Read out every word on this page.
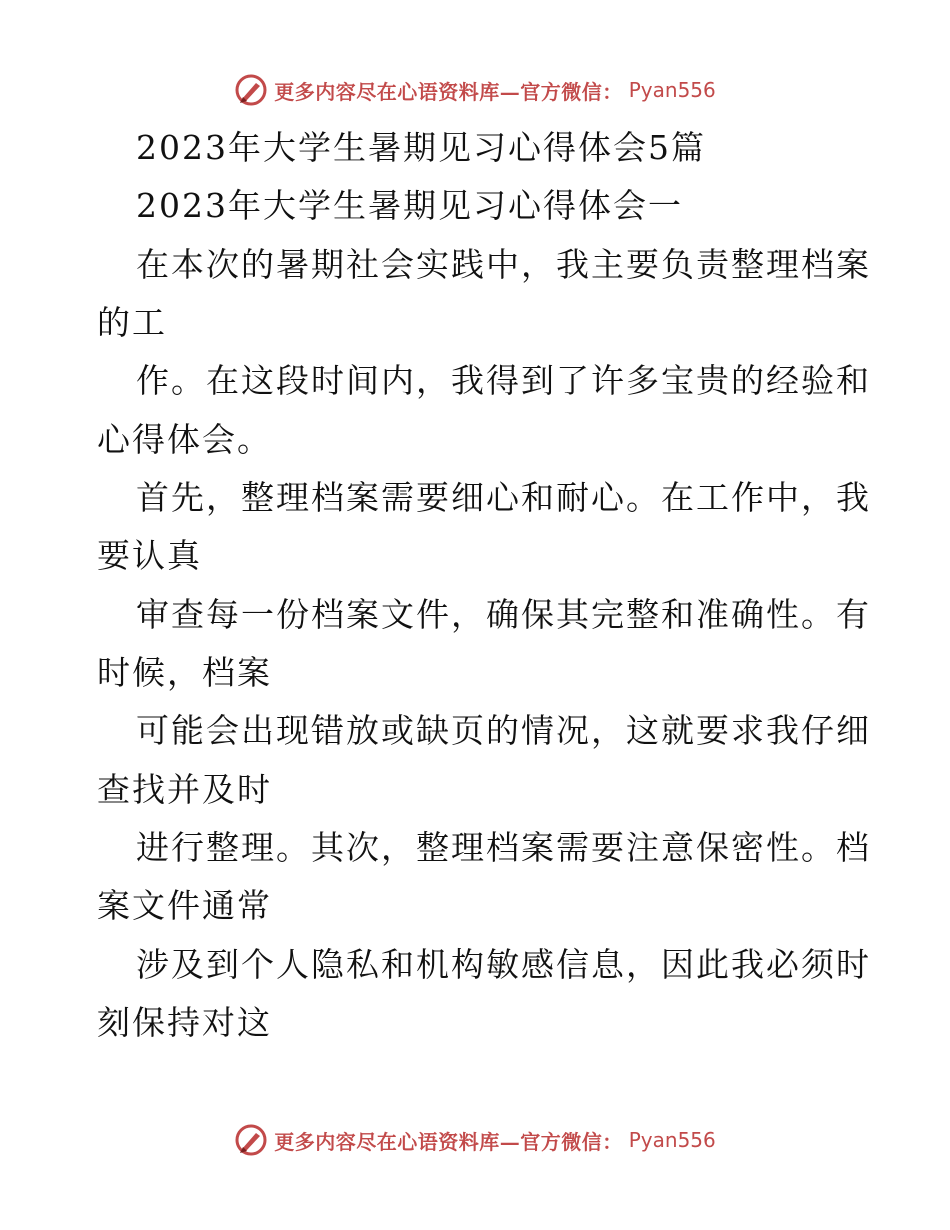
更多内容尽在心语资料库—官方微信： Pyan556
2023年大学生暑期见习心得体会5篇
2023年大学生暑期见习心得体会一
在本次的暑期社会实践中，我主要负责整理档案
的工
作。在这段时间内，我得到了许多宝贵的经验和
心得体会。
首先，整理档案需要细心和耐心。在工作中，我
要认真
审查每一份档案文件，确保其完整和准确性。有
时候，档案
可能会出现错放或缺页的情况，这就要求我仔细
查找并及时
进行整理。其次，整理档案需要注意保密性。档
案文件通常
涉及到个人隐私和机构敏感信息，因此我必须时
刻保持对这
更多内容尽在心语资料库—官方微信： Pyan556
